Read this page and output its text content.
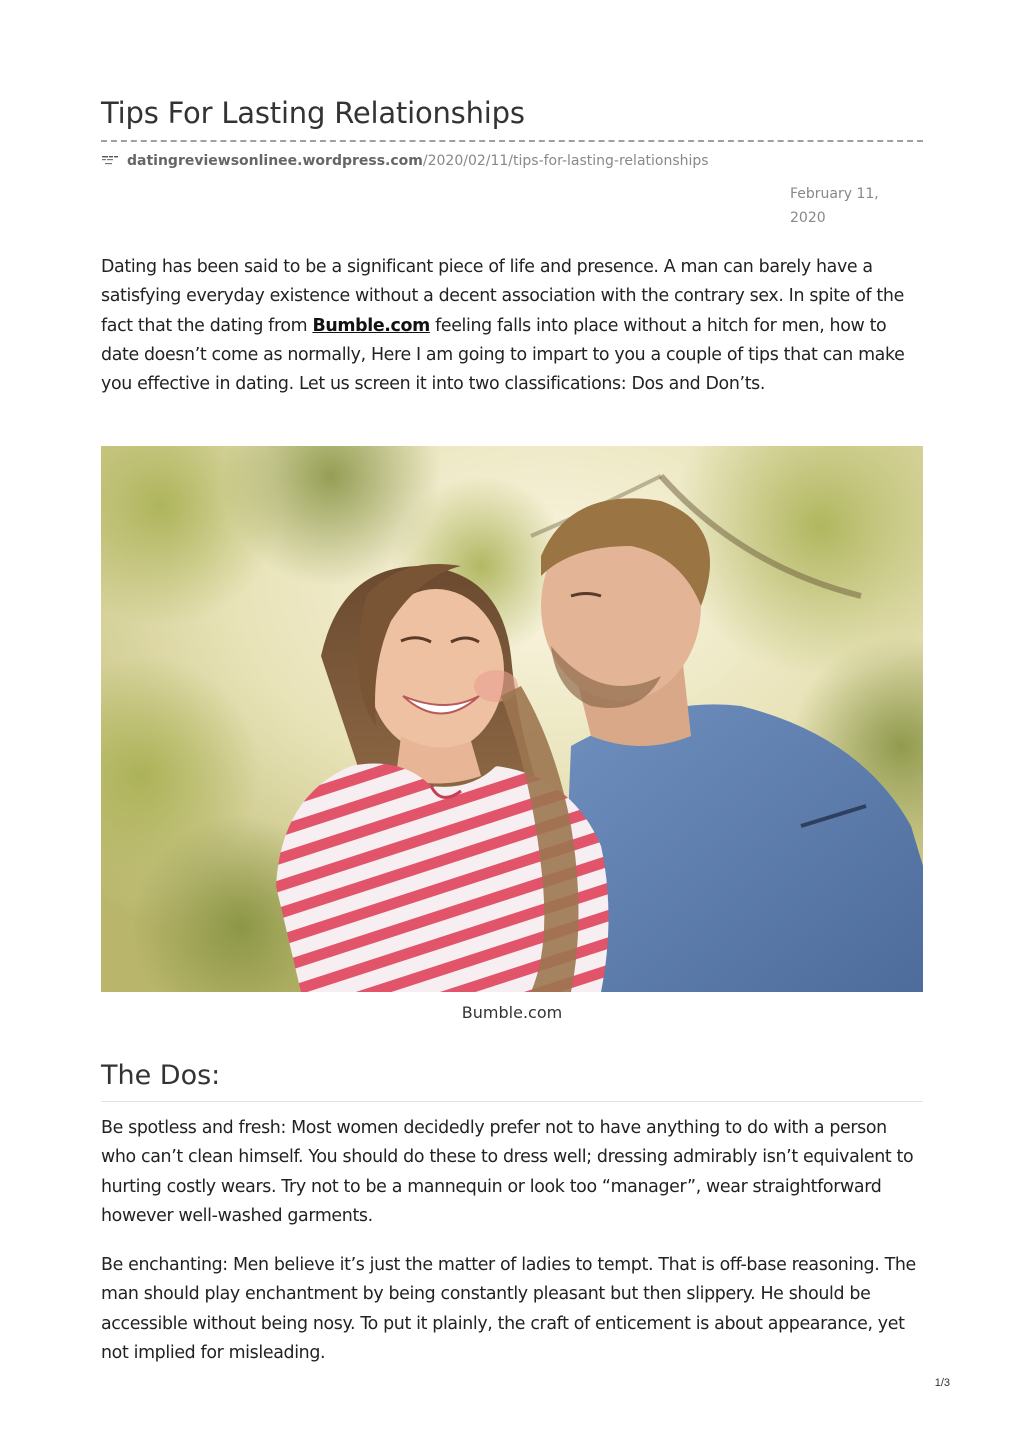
Tips For Lasting Relationships
datingreviewsonlinee.wordpress.com /2020/02/11/tips-for-lasting-relationships
February 11,
2020

Dating has been said to be a significant piece of life and presence. A man can barely have a satisfying everyday existence without a decent association with the contrary sex. In spite of the fact that the dating from Bumble.com feeling falls into place without a hitch for men, how to date doesn’t come as normally, Here I am going to impart to you a couple of tips that can make you effective in dating. Let us screen it into two classifications: Dos and Don’ts.

Bumble.com
The Dos:

Be spotless and fresh: Most women decidedly prefer not to have anything to do with a person who can’t clean himself. You should do these to dress well; dressing admirably isn’t equivalent to hurting costly wears. Try not to be a mannequin or look too “manager”, wear straightforward however well-washed garments.

Be enchanting: Men believe it’s just the matter of ladies to tempt. That is off-base reasoning. The man should play enchantment by being constantly pleasant but then slippery. He should be accessible without being nosy. To put it plainly, the craft of enticement is about appearance, yet not implied for misleading.

1/3
